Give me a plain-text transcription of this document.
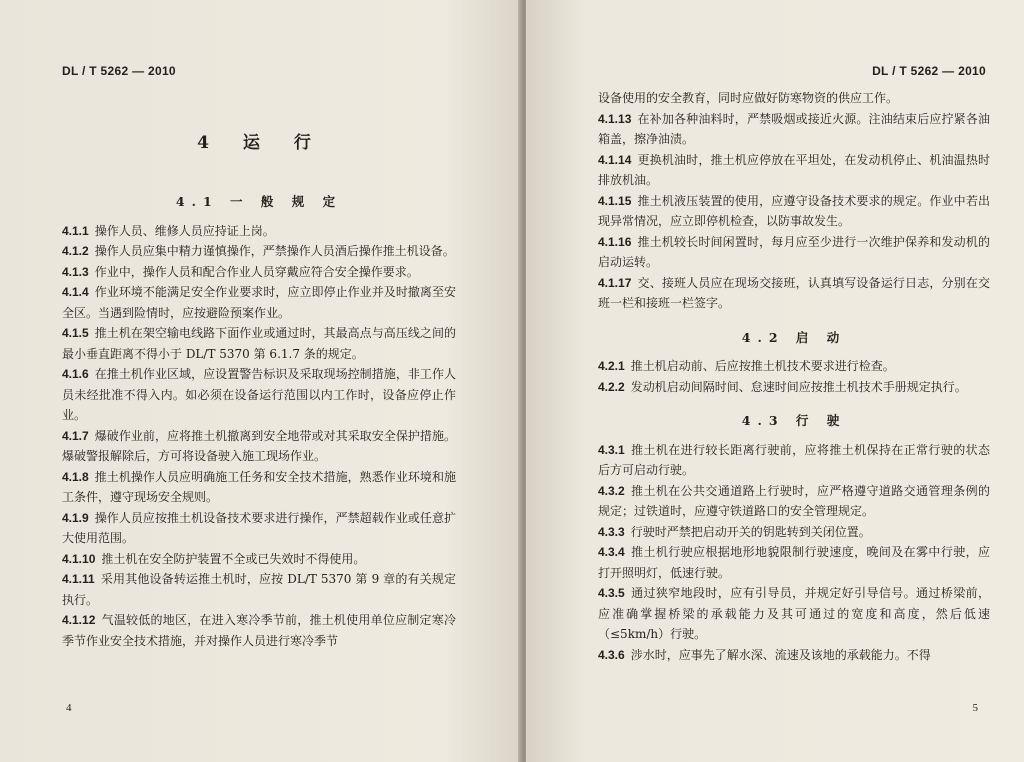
DL / T 5262 — 2010
4 运 行
4.1 一 般 规 定
4.1.1 操作人员、维修人员应持证上岗。
4.1.2 操作人员应集中精力谨慎操作，严禁操作人员酒后操作推土机设备。
4.1.3 作业中，操作人员和配合作业人员穿戴应符合安全操作要求。
4.1.4 作业环境不能满足安全作业要求时，应立即停止作业并及时撤离至安全区。当遇到险情时，应按避险预案作业。
4.1.5 推土机在架空输电线路下面作业或通过时，其最高点与高压线之间的最小垂直距离不得小于 DL/T 5370 第 6.1.7 条的规定。
4.1.6 在推土机作业区域，应设置警告标识及采取现场控制措施，非工作人员未经批准不得入内。如必须在设备运行范围以内工作时，设备应停止作业。
4.1.7 爆破作业前，应将推土机撤离到安全地带或对其采取安全保护措施。爆破警报解除后，方可将设备驶入施工现场作业。
4.1.8 推土机操作人员应明确施工任务和安全技术措施，熟悉作业环境和施工条件，遵守现场安全规则。
4.1.9 操作人员应按推土机设备技术要求进行操作，严禁超载作业或任意扩大使用范围。
4.1.10 推土机在安全防护装置不全或已失效时不得使用。
4.1.11 采用其他设备转运推土机时，应按 DL/T 5370 第 9 章的有关规定执行。
4.1.12 气温较低的地区，在进入寒冷季节前，推土机使用单位应制定寒冷季节作业安全技术措施，并对操作人员进行寒冷季节
4
DL / T 5262 — 2010
设备使用的安全教育，同时应做好防寒物资的供应工作。
4.1.13 在补加各种油料时，严禁吸烟或接近火源。注油结束后应拧紧各油箱盖，擦净油渍。
4.1.14 更换机油时，推土机应停放在平坦处，在发动机停止、机油温热时排放机油。
4.1.15 推土机液压装置的使用，应遵守设备技术要求的规定。作业中若出现异常情况，应立即停机检查，以防事故发生。
4.1.16 推土机较长时间闲置时，每月应至少进行一次维护保养和发动机的启动运转。
4.1.17 交、接班人员应在现场交接班，认真填写设备运行日志，分别在交班一栏和接班一栏签字。
4.2 启 动
4.2.1 推土机启动前、后应按推土机技术要求进行检查。
4.2.2 发动机启动间隔时间、怠速时间应按推土机技术手册规定执行。
4.3 行 驶
4.3.1 推土机在进行较长距离行驶前，应将推土机保持在正常行驶的状态后方可启动行驶。
4.3.2 推土机在公共交通道路上行驶时，应严格遵守道路交通管理条例的规定；过铁道时，应遵守铁道路口的安全管理规定。
4.3.3 行驶时严禁把启动开关的钥匙转到关闭位置。
4.3.4 推土机行驶应根据地形地貌限制行驶速度，晚间及在雾中行驶，应打开照明灯，低速行驶。
4.3.5 通过狭窄地段时，应有引导员，并规定好引导信号。通过桥梁前，应准确掌握桥梁的承载能力及其可通过的宽度和高度，然后低速（≤5km/h）行驶。
4.3.6 涉水时，应事先了解水深、流速及该地的承载能力。不得
5
